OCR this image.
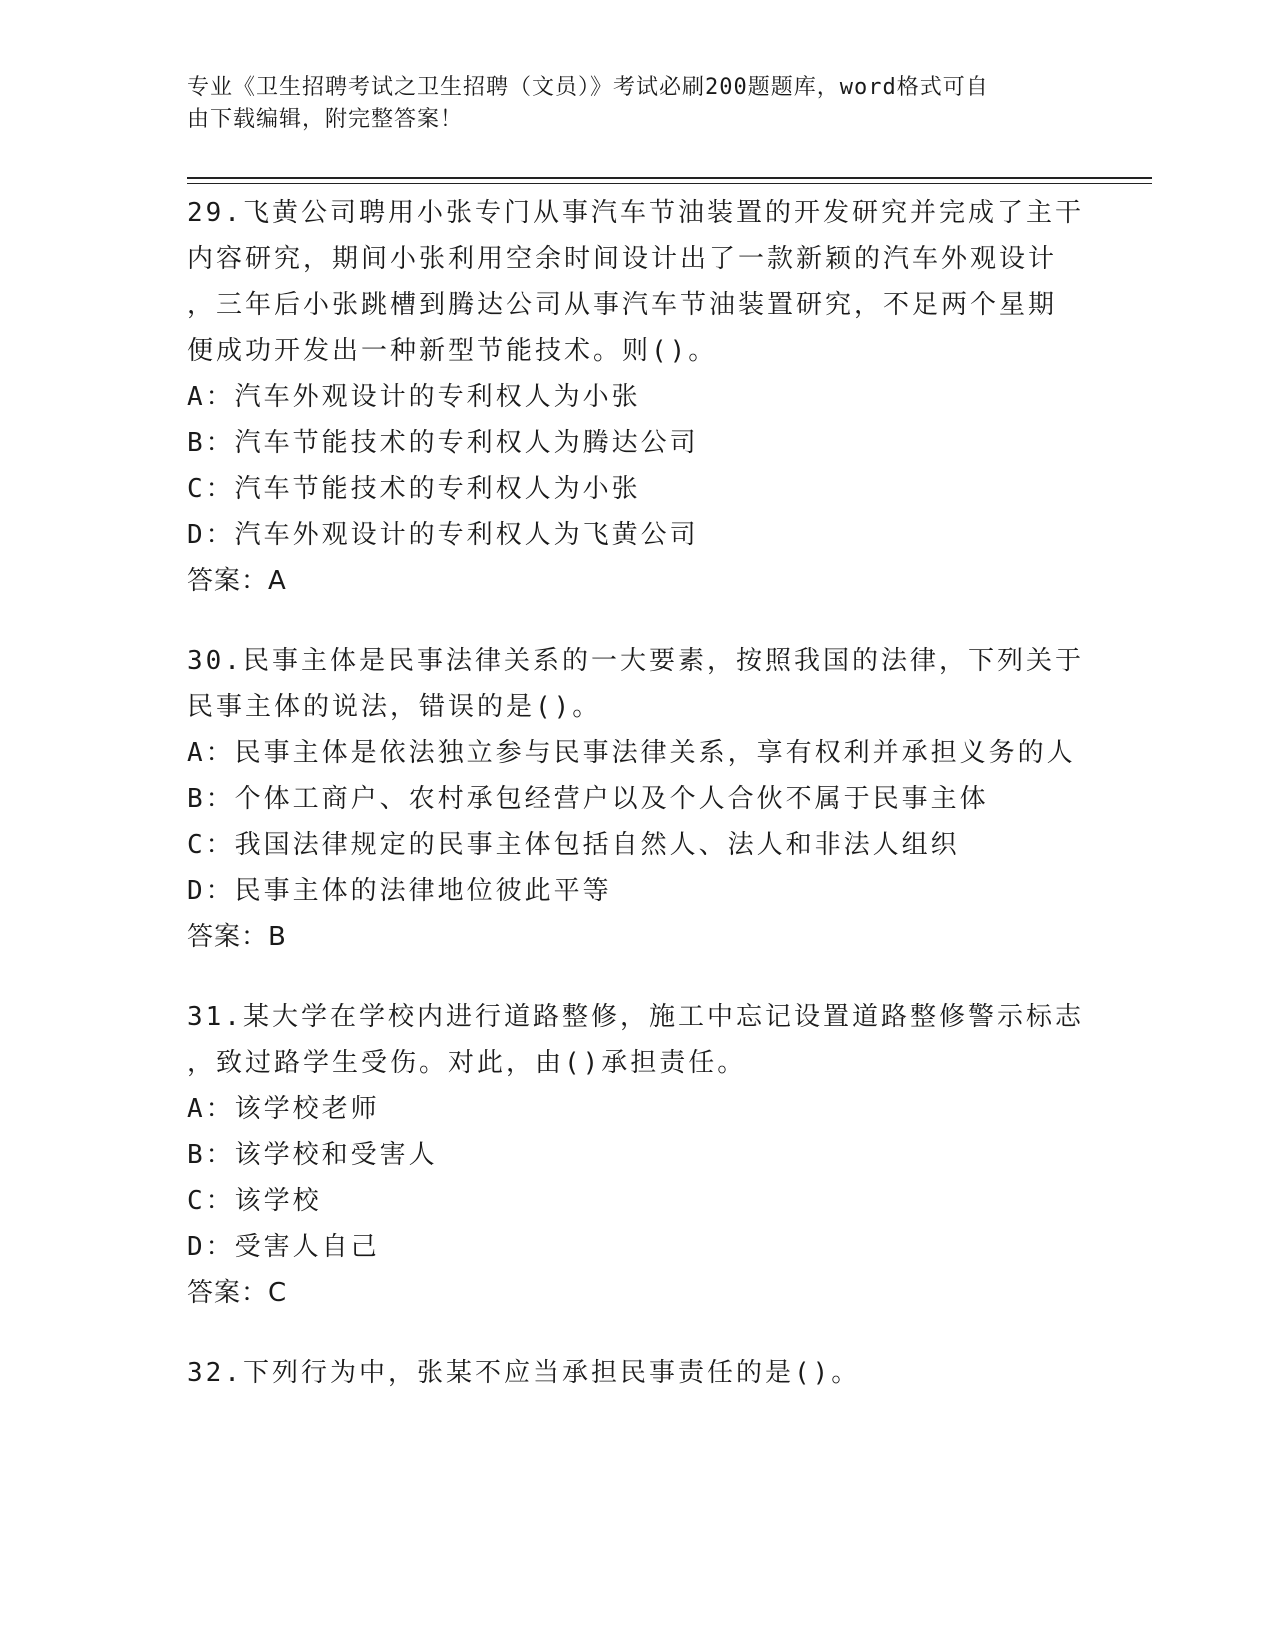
专业《卫生招聘考试之卫生招聘（文员）》考试必刷200题题库，word格式可自
由下载编辑，附完整答案！
29.飞黄公司聘用小张专门从事汽车节油装置的开发研究并完成了主干
内容研究，期间小张利用空余时间设计出了一款新颖的汽车外观设计
，三年后小张跳槽到腾达公司从事汽车节油装置研究，不足两个星期
便成功开发出一种新型节能技术。则()。
A：汽车外观设计的专利权人为小张
B：汽车节能技术的专利权人为腾达公司
C：汽车节能技术的专利权人为小张
D：汽车外观设计的专利权人为飞黄公司
答案：A
30.民事主体是民事法律关系的一大要素，按照我国的法律，下列关于
民事主体的说法，错误的是()。
A：民事主体是依法独立参与民事法律关系，享有权利并承担义务的人
B：个体工商户、农村承包经营户以及个人合伙不属于民事主体
C：我国法律规定的民事主体包括自然人、法人和非法人组织
D：民事主体的法律地位彼此平等
答案：B
31.某大学在学校内进行道路整修，施工中忘记设置道路整修警示标志
，致过路学生受伤。对此，由()承担责任。
A：该学校老师
B：该学校和受害人
C：该学校
D：受害人自己
答案：C
32.下列行为中，张某不应当承担民事责任的是()。
